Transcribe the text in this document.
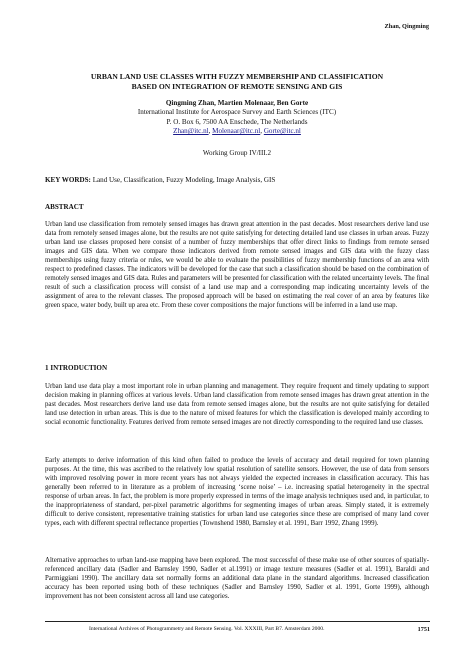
Zhan, Qingming
URBAN LAND USE CLASSES WITH FUZZY MEMBERSHIP AND CLASSIFICATION
BASED ON INTEGRATION OF REMOTE SENSING AND GIS
Qingming Zhan, Martien Molenaar, Ben Gorte
International Institute for Aerospace Survey and Earth Sciences (ITC)
P. O. Box 6, 7500 AA Enschede, The Netherlands
Zhan@itc.nl, Molenaar@itc.nl, Gorte@itc.nl
Working Group IV/III.2
KEY WORDS: Land Use, Classification, Fuzzy Modeling, Image Analysis, GIS
ABSTRACT

Urban land use classification from remotely sensed images has drawn great attention in the past decades. Most researchers derive land use data from remotely sensed images alone, but the results are not quite satisfying for detecting detailed land use classes in urban areas. Fuzzy urban land use classes proposed here consist of a number of fuzzy memberships that offer direct links to findings from remote sensed images and GIS data. When we compare those indicators derived from remote sensed images and GIS data with the fuzzy class memberships using fuzzy criteria or rules, we would be able to evaluate the possibilities of fuzzy membership functions of an area with respect to predefined classes. The indicators will be developed for the case that such a classification should be based on the combination of remotely sensed images and GIS data. Rules and parameters will be presented for classification with the related uncertainty levels. The final result of such a classification process will consist of a land use map and a corresponding map indicating uncertainty levels of the assignment of area to the relevant classes. The proposed approach will be based on estimating the real cover of an area by features like green space, water body, built up area etc. From these cover compositions the major functions will be inferred in a land use map.

1 INTRODUCTION

Urban land use data play a most important role in urban planning and management. They require frequent and timely updating to support decision making in planning offices at various levels. Urban land classification from remote sensed images has drawn great attention in the past decades. Most researchers derive land use data from remote sensed images alone, but the results are not quite satisfying for detailed land use detection in urban areas. This is due to the nature of mixed features for which the classification is developed mainly according to social economic functionality. Features derived from remote sensed images are not directly corresponding to the required land use classes.

Early attempts to derive information of this kind often failed to produce the levels of accuracy and detail required for town planning purposes. At the time, this was ascribed to the relatively low spatial resolution of satellite sensors. However, the use of data from sensors with improved resolving power in more recent years has not always yielded the expected increases in classification accuracy. This has generally been referred to in literature as a problem of increasing ‘scene noise’ – i.e. increasing spatial heterogeneity in the spectral response of urban areas. In fact, the problem is more properly expressed in terms of the image analysis techniques used and, in particular, to the inappropriateness of standard, per-pixel parametric algorithms for segmenting images of urban areas. Simply stated, it is extremely difficult to derive consistent, representative training statistics for urban land use categories since these are comprised of many land cover types, each with different spectral reflectance properties (Townshend 1980, Barnsley et al. 1991, Barr 1992, Zhang 1999).

Alternative approaches to urban land-use mapping have been explored. The most successful of these make use of other sources of spatially-referenced ancillary data (Sadler and Barnsley 1990, Sadler et al.1991) or image texture measures (Sadler et al. 1991), Baraldi and Parmiggiani 1990). The ancillary data set normally forms an additional data plane in the standard algorithms. Increased classification accuracy has been reported using both of these techniques (Sadler and Barnsley 1990, Sadler et al. 1991, Gorte 1999), although improvement has not been consistent across all land use categories.

International Archives of Photogrammetry and Remote Sensing. Vol. XXXIII, Part B7. Amsterdam 2000.	1751
